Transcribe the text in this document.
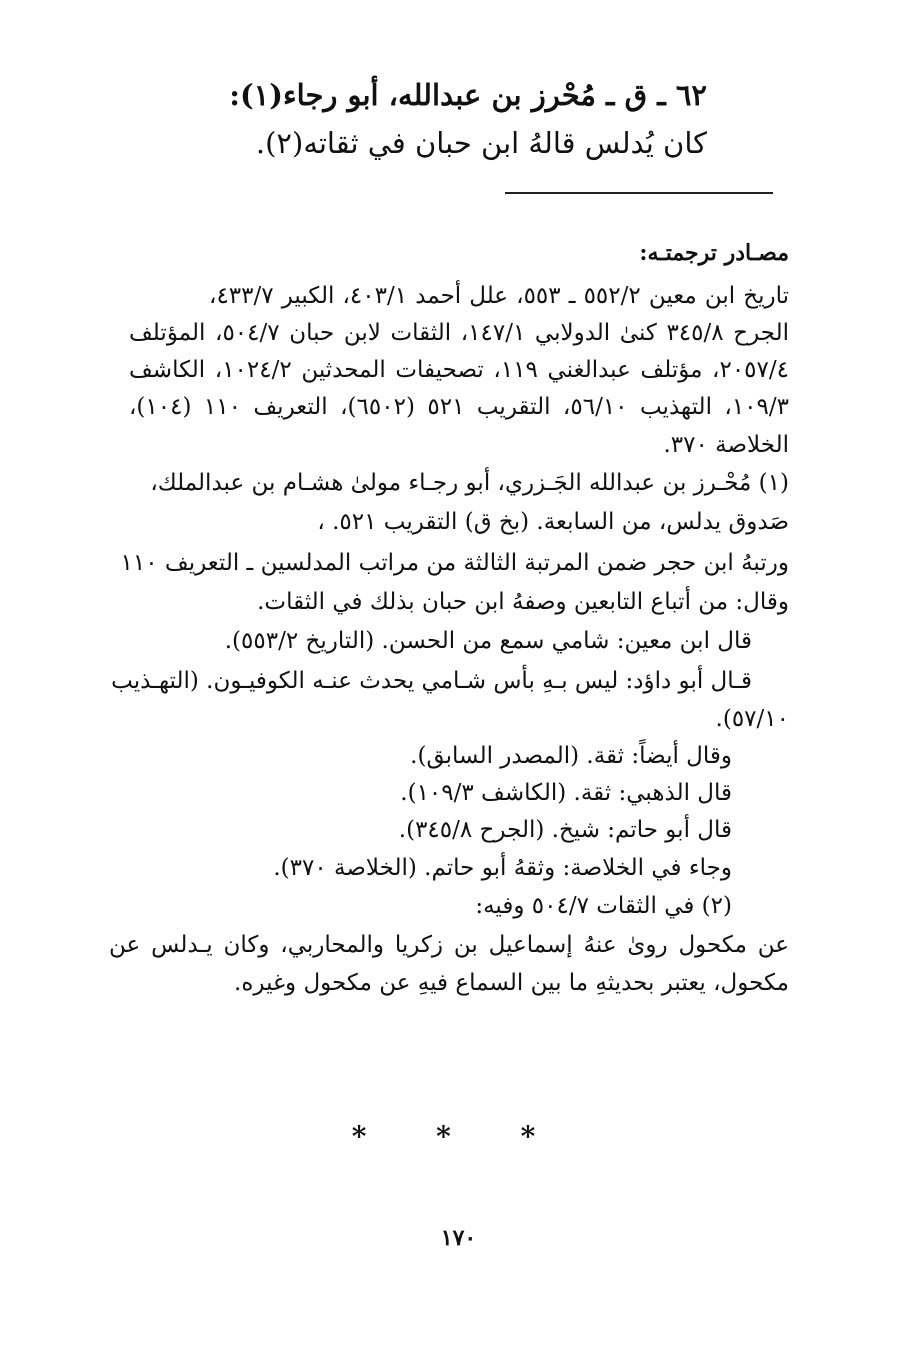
٦٢ ـ ق ـ مُحْرز بن عبدالله، أبو رجاء(١):
كان يُدلس قالهُ ابن حبان في ثقاته(٢).
مصـادر ترجمتـه:
تاريخ ابن معين ٥٥٢/٢ ـ ٥٥٣، علل أحمد ٤٠٣/١، الكبير ٤٣٣/٧،
الجرح ٣٤٥/٨ كنىٰ الدولابي ١٤٧/١، الثقات لابن حبان ٥٠٤/٧، المؤتلف
٢٠٥٧/٤، مؤتلف عبدالغني ١١٩، تصحيفات المحدثين ١٠٢٤/٢، الكاشف
١٠٩/٣، التهذيب ٥٦/١٠، التقريب ٥٢١ (٦٥٠٢)، التعريف ١١٠ (١٠٤)،
الخلاصة ٣٧٠.
(١) مُحْـرز بن عبدالله الجَـزري، أبو رجـاء مولىٰ هشـام بن عبدالملك،
صَدوق يدلس، من السابعة. (بخ ق) التقريب ٥٢١. ،
ورتبهُ ابن حجر ضمن المرتبة الثالثة من مراتب المدلسين ـ التعريف ١١٠
وقال: من أتباع التابعين وصفهُ ابن حبان بذلك في الثقات.
قال ابن معين: شامي سمع من الحسن. (التاريخ ٥٥٣/٢).
قـال أبو داؤد: ليس بـهِ بأس شـامي يحدث عنـه الكوفيـون. (التهـذيب
٥٧/١٠).
وقال أيضاً: ثقة. (المصدر السابق).
قال الذهبي: ثقة. (الكاشف ١٠٩/٣).
قال أبو حاتم: شيخ. (الجرح ٣٤٥/٨).
وجاء في الخلاصة: وثقهُ أبو حاتم. (الخلاصة ٣٧٠).
(٢) في الثقات ٥٠٤/٧ وفيه:
عن مكحول روىٰ عنهُ إسماعيل بن زكريا والمحاربي، وكان يـدلس عن
مكحول، يعتبر بحديثهِ ما بين السماع فيهِ عن مكحول وغيره.
* * *
١٧٠
